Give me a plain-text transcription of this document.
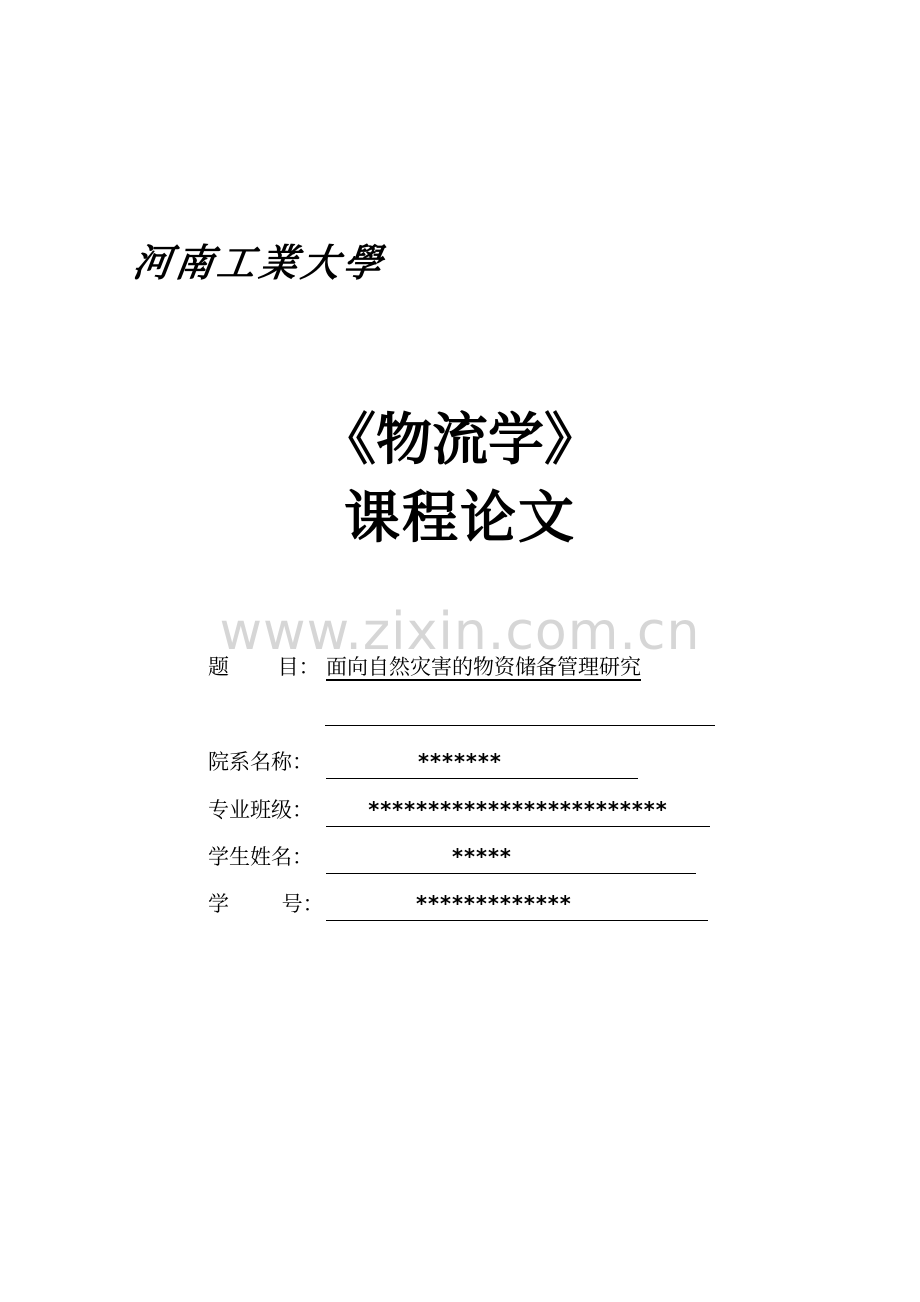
河南工業大學
《物流学》
课程论文
www.zixin.com.cn
题 目： 面向自然灾害的物资储备管理研究
院系名称：	*******
专业班级：	*************************
学生姓名：	*****
学 号：	*************
